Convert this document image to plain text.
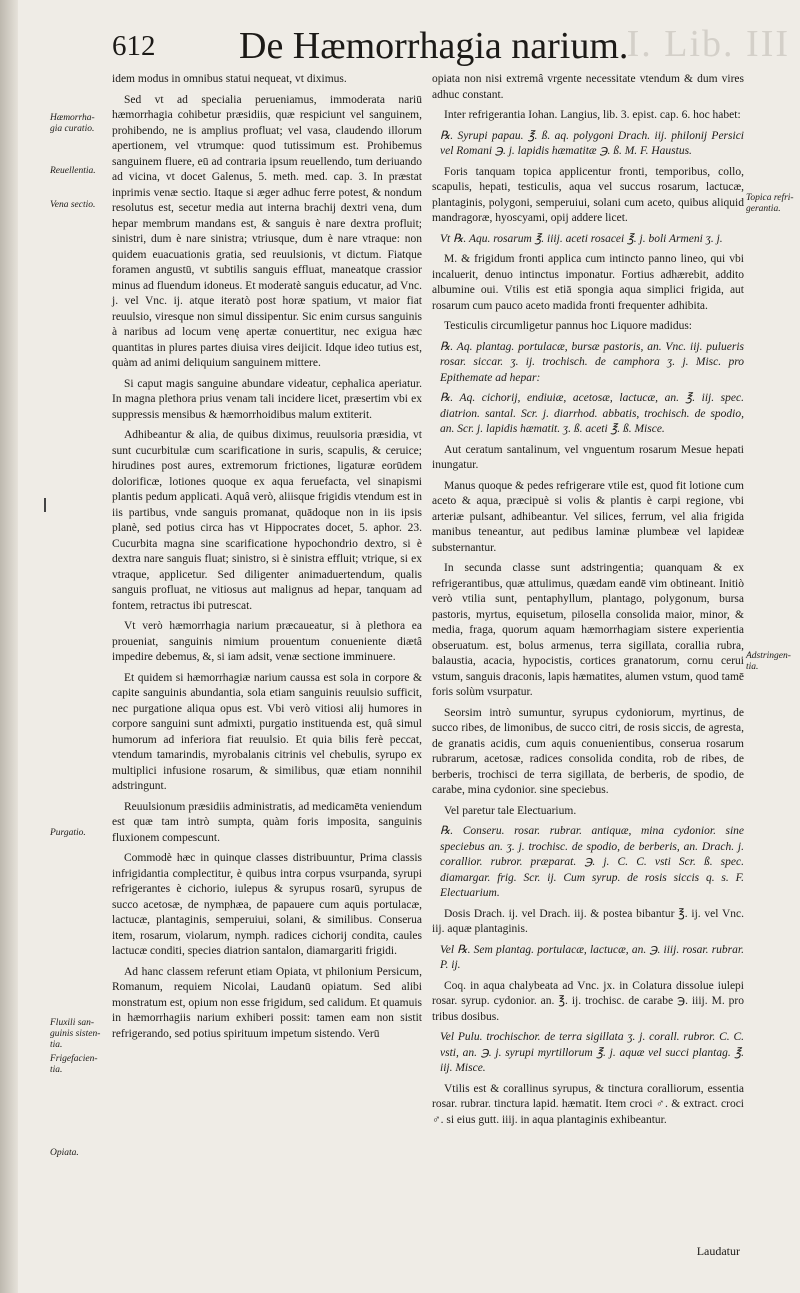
I. Lib. III
612 De Hæmorrhagia narium.
Hæmorrha- gia curatio.
Reuellentia.
Vena sectio.
Purgatio.
Fluxili san- guinis sisten- tia.
Frigefacien- tia.
Opiata.
Topica refri- gerantia.
Adstringen- tia.

idem modus in omnibus statui nequeat, vt diximus.

Sed vt ad specialia perueniamus, immoderata nariū hæmorrhagia cohibetur præsidiis, quæ respiciunt vel sanguinem, prohibendo, ne is amplius profluat; vel vasa, claudendo illorum apertionem, vel vtrumque: quod tutissimum est. Prohibemus sanguinem fluere, eū ad contraria ipsum reuellendo, tum deriuando ad vicina, vt docet Galenus, 5. meth. med. cap. 3. In præstat inprimis venæ sectio. Itaque si æger adhuc ferre potest, & nondum resolutus est, secetur media aut interna brachij dextri vena, dum hepar membrum mandans est, & sanguis è nare dextra profluit; sinistri, dum è nare sinistra; vtriusque, dum è nare vtraque: non quidem euacuationis gratia, sed reuulsionis, vt dictum. Fiatque foramen angustū, vt subtilis sanguis effluat, maneatque crassior minus ad fluendum idoneus. Et moderatè sanguis educatur, ad Vnc. j. vel Vnc. ij. atque iteratò post horæ spatium, vt maior fiat reuulsio, viresque non simul dissipentur. Sic enim cursus sanguinis à naribus ad locum venę apertæ conuertitur, nec exigua hæc quantitas in plures partes diuisa vires deijicit. Idque ideo tutius est, quàm ad animi deliquium sanguinem mittere.

Si caput magis sanguine abundare videatur, cephalica aperiatur. In magna plethora prius venam tali incidere licet, præsertim vbi ex suppressis mensibus & hæmorrhoidibus malum extiterit.

Adhibeantur & alia, de quibus diximus, reuulsoria præsidia, vt sunt cucurbitulæ cum scarificatione in suris, scapulis, & ceruice; hirudines post aures, extremorum frictiones, ligaturæ eorūdem dolorificæ, lotiones quoque ex aqua feruefacta, vel sinapismi plantis pedum applicati. Aquâ verò, aliisque frigidis vtendum est in iis partibus, vnde sanguis promanat, quādoque non in iis ipsis planè, sed potius circa has vt Hippocrates docet, 5. aphor. 23. Cucurbita magna sine scarificatione hypochondrio dextro, si è dextra nare sanguis fluat; sinistro, si è sinistra effluit; vtrique, si ex vtraque, applicetur. Sed diligenter animaduertendum, qualis sanguis profluat, ne vitiosus aut malignus ad hepar, tanquam ad fontem, retractus ibi putrescat.

Vt verò hæmorrhagia narium præcaueatur, si à plethora ea proueniat, sanguinis nimium prouentum conuenientе diætâ impedire debemus, &, si iam adsit, venæ sectione imminuere.

Et quidem si hæmorrhagiæ narium caussa est sola in corpore & capite sanguinis abundantia, sola etiam sanguinis reuulsio sufficit, nec purgatione aliqua opus est. Vbi verò vitiosi alij humores in corpore sanguini sunt admixti, purgatio instituenda est, quâ simul humorum ad inferiora fiat reuulsio. Et quia bilis ferè peccat, vtendum tamarindis, myrobalanis citrinis vel chebulis, syrupo ex multiplici infusione rosarum, & similibus, quæ etiam nonnihil adstringunt.

Reuulsionum præsidiis administratis, ad medicamēta veniendum est quæ tam intrò sumpta, quàm foris imposita, sanguinis fluxionem compescunt.

Commodè hæc in quinque classes distribuuntur, Prima classis infrigidantia complectitur, è quibus intra corpus vsurpanda, syrupi refrigerantes è cichorio, iulepus & syrupus rosarū, syrupus de succo acetosæ, de nymphæa, de papauere cum aquis portulacæ, lactucæ, plantaginis, semperuiui, solani, & similibus. Conserua item, rosarum, violarum, nymph. radices cichorij condita, caules lactucæ conditi, species diatrion santalon, diamargariti frigidi.

Ad hanc classem referunt etiam Opiata, vt philonium Persicum, Romanum, requiem Nicolai, Laudanū opiatum. Sed alibi monstratum est, opium non esse frigidum, sed calidum. Et quamuis in hæmorrhagiis narium exhiberi possit: tamen eam non sistit refrigerando, sed potius spirituum impetum sistendo. Verū

opiata non nisi extremâ vrgente necessitate vtendum & dum vires adhuc constant.

Inter refrigerantia Iohan. Langius, lib. 3. epist. cap. 6. hoc habet:

℞. Syrupi papau. ℥. ß. aq. polygoni Drach. iij. philonij Persici vel Romani ℈. j. lapidis hæmatitæ ℈. ß. M. F. Haustus.

Foris tanquam topica applicentur fronti, temporibus, collo, scapulis, hepati, testiculis, aqua vel succus rosarum, lactucæ, plantaginis, polygoni, semperuiui, solani cum aceto, quibus aliquid mandragoræ, hyoscyami, opij addere licet.

Vt ℞. Aqu. rosarum ℥. iiij. aceti rosacei ℥. j. boli Armeni ʒ. j.

M. & frigidum fronti applica cum intincto panno lineo, qui vbi incaluerit, denuo intinctus imponatur. Fortius adhærebit, addito albumine oui. Vtilis est etiā spongia aqua simplici frigida, aut rosarum cum pauco aceto madida fronti frequenter adhibita.

Testiculis circumligetur pannus hoc Liquore madidus:

℞. Aq. plantag. portulacæ, bursæ pastoris, an. Vnc. iij. pulueris rosar. siccar. ʒ. ij. trochisch. de camphora ʒ. j. Misc. pro Epithemate ad hepar:

℞. Aq. cichorij, endiuiæ, acetosæ, lactucæ, an. ℥. iij. spec. diatrion. santal. Scr. j. diarrhod. abbatis, trochisch. de spodio, an. Scr. j. lapidis hæmatit. ʒ. ß. aceti ℥. ß. Misce.

Aut ceratum santalinum, vel vnguentum rosarum Mesue hepati inungatur.

Manus quoque & pedes refrigerare vtile est, quod fit lotione cum aceto & aqua, præcipuè si volis & plantis è carpi regione, vbi arteriæ pulsant, adhibeantur. Vel silices, ferrum, vel alia frigida manibus teneantur, aut pedibus laminæ plumbeæ vel lapideæ substernantur.

In secunda classe sunt adstringentia; quanquam & ex refrigerantibus, quæ attulimus, quædam eandē vim obtineant. Initiò verò vtilia sunt, pentaphyllum, plantago, polygonum, bursa pastoris, myrtus, equisetum, pilosella consolida maior, minor, & media, fraga, quorum aquam hæmorrhagiam sistere experientia obseruatum. est, bolus armenus, terra sigillata, corallia rubra, balaustia, acacia, hypocistis, cortices granatorum, cornu cerui vstum, sanguis draconis, lapis hæmatites, alumen vstum, quod tamē foris solùm vsurpatur.

Seorsim intrò sumuntur, syrupus cydoniorum, myrtinus, de succo ribes, de limonibus, de succo citri, de rosis siccis, de agresta, de granatis acidis, cum aquis conuenientibus, conserua rosarum rubrarum, acetosæ, radices consolida condita, rob de ribes, de berberis, trochisci de terra sigillata, de berberis, de spodio, de carabe, mina cydonior. sine speciebus.

Vel paretur tale Electuarium.

℞. Conseru. rosar. rubrar. antiquæ, mina cydonior. sine speciebus an. ʒ. j. trochisc. de spodio, de berberis, an. Drach. j. corallior. rubror. præparat. ℈. j. C. C. vsti Scr. ß. spec. diamargar. frig. Scr. ij. Cum syrup. de rosis siccis q. s. F. Electuarium.

Dosis Drach. ij. vel Drach. iij. & postea bibantur ℥. ij. vel Vnc. iij. aquæ plantaginis.

Vel ℞. Sem plantag. portulacæ, lactucæ, an. ℈. iiij. rosar. rubrar. P. ij.

Coq. in aqua chalybeata ad Vnc. jx. in Colatura dissolue iulepi rosar. syrup. cydonior. an. ℥. ij. trochisc. de carabe ℈. iiij. M. pro tribus dosibus.

Vel Pulu. trochischor. de terra sigillata ʒ. j. corall. rubror. C. C. vsti, an. ℈. j. syrupi myrtillorum ℥. j. aquæ vel succi plantag. ℥. iij. Misce.

Vtilis est & corallinus syrupus, & tinctura coralliorum, essentia rosar. rubrar. tinctura lapid. hæmatit. Item croci ♂. & extract. croci ♂. si eius gutt. iiij. in aqua plantaginis exhibeantur.

Laudatur
